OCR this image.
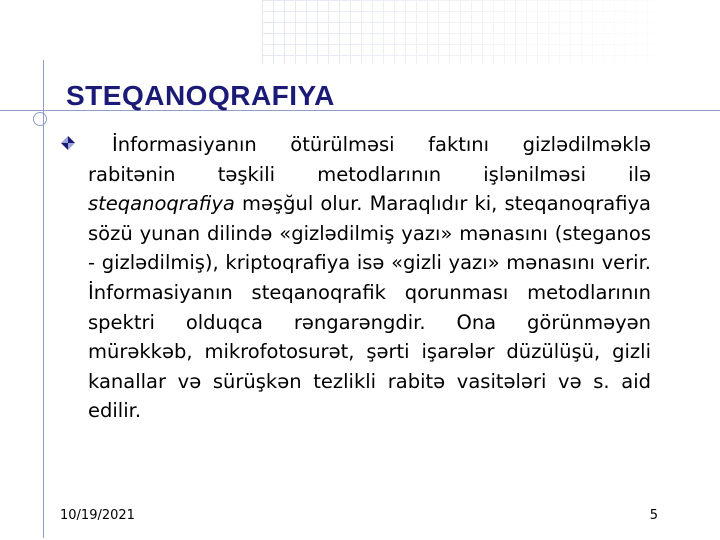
STEQANOQRAFIYA
İnformasiyanın ötürülməsi faktını gizlədilməklə rabitənin təşkili metodlarının işlənilməsi ilə steqanoqrafiya məşğul olur. Maraqlıdır ki, steqanoqrafiya sözü yunan dilində «gizlədilmiş yazı» mənasını (steganos - gizlədilmiş), kriptoqrafiya isə «gizli yazı» mənasını verir. İnformasiyanın steqanoqrafik qorunması metodlarının spektri olduqca rəngarəngdir. Ona görünməyən mürəkkəb, mikrofotosurət, şərti işarələr düzülüşü, gizli kanallar və sürüşkən tezlikli rabitə vasitələri və s. aid edilir.
10/19/2021	5
